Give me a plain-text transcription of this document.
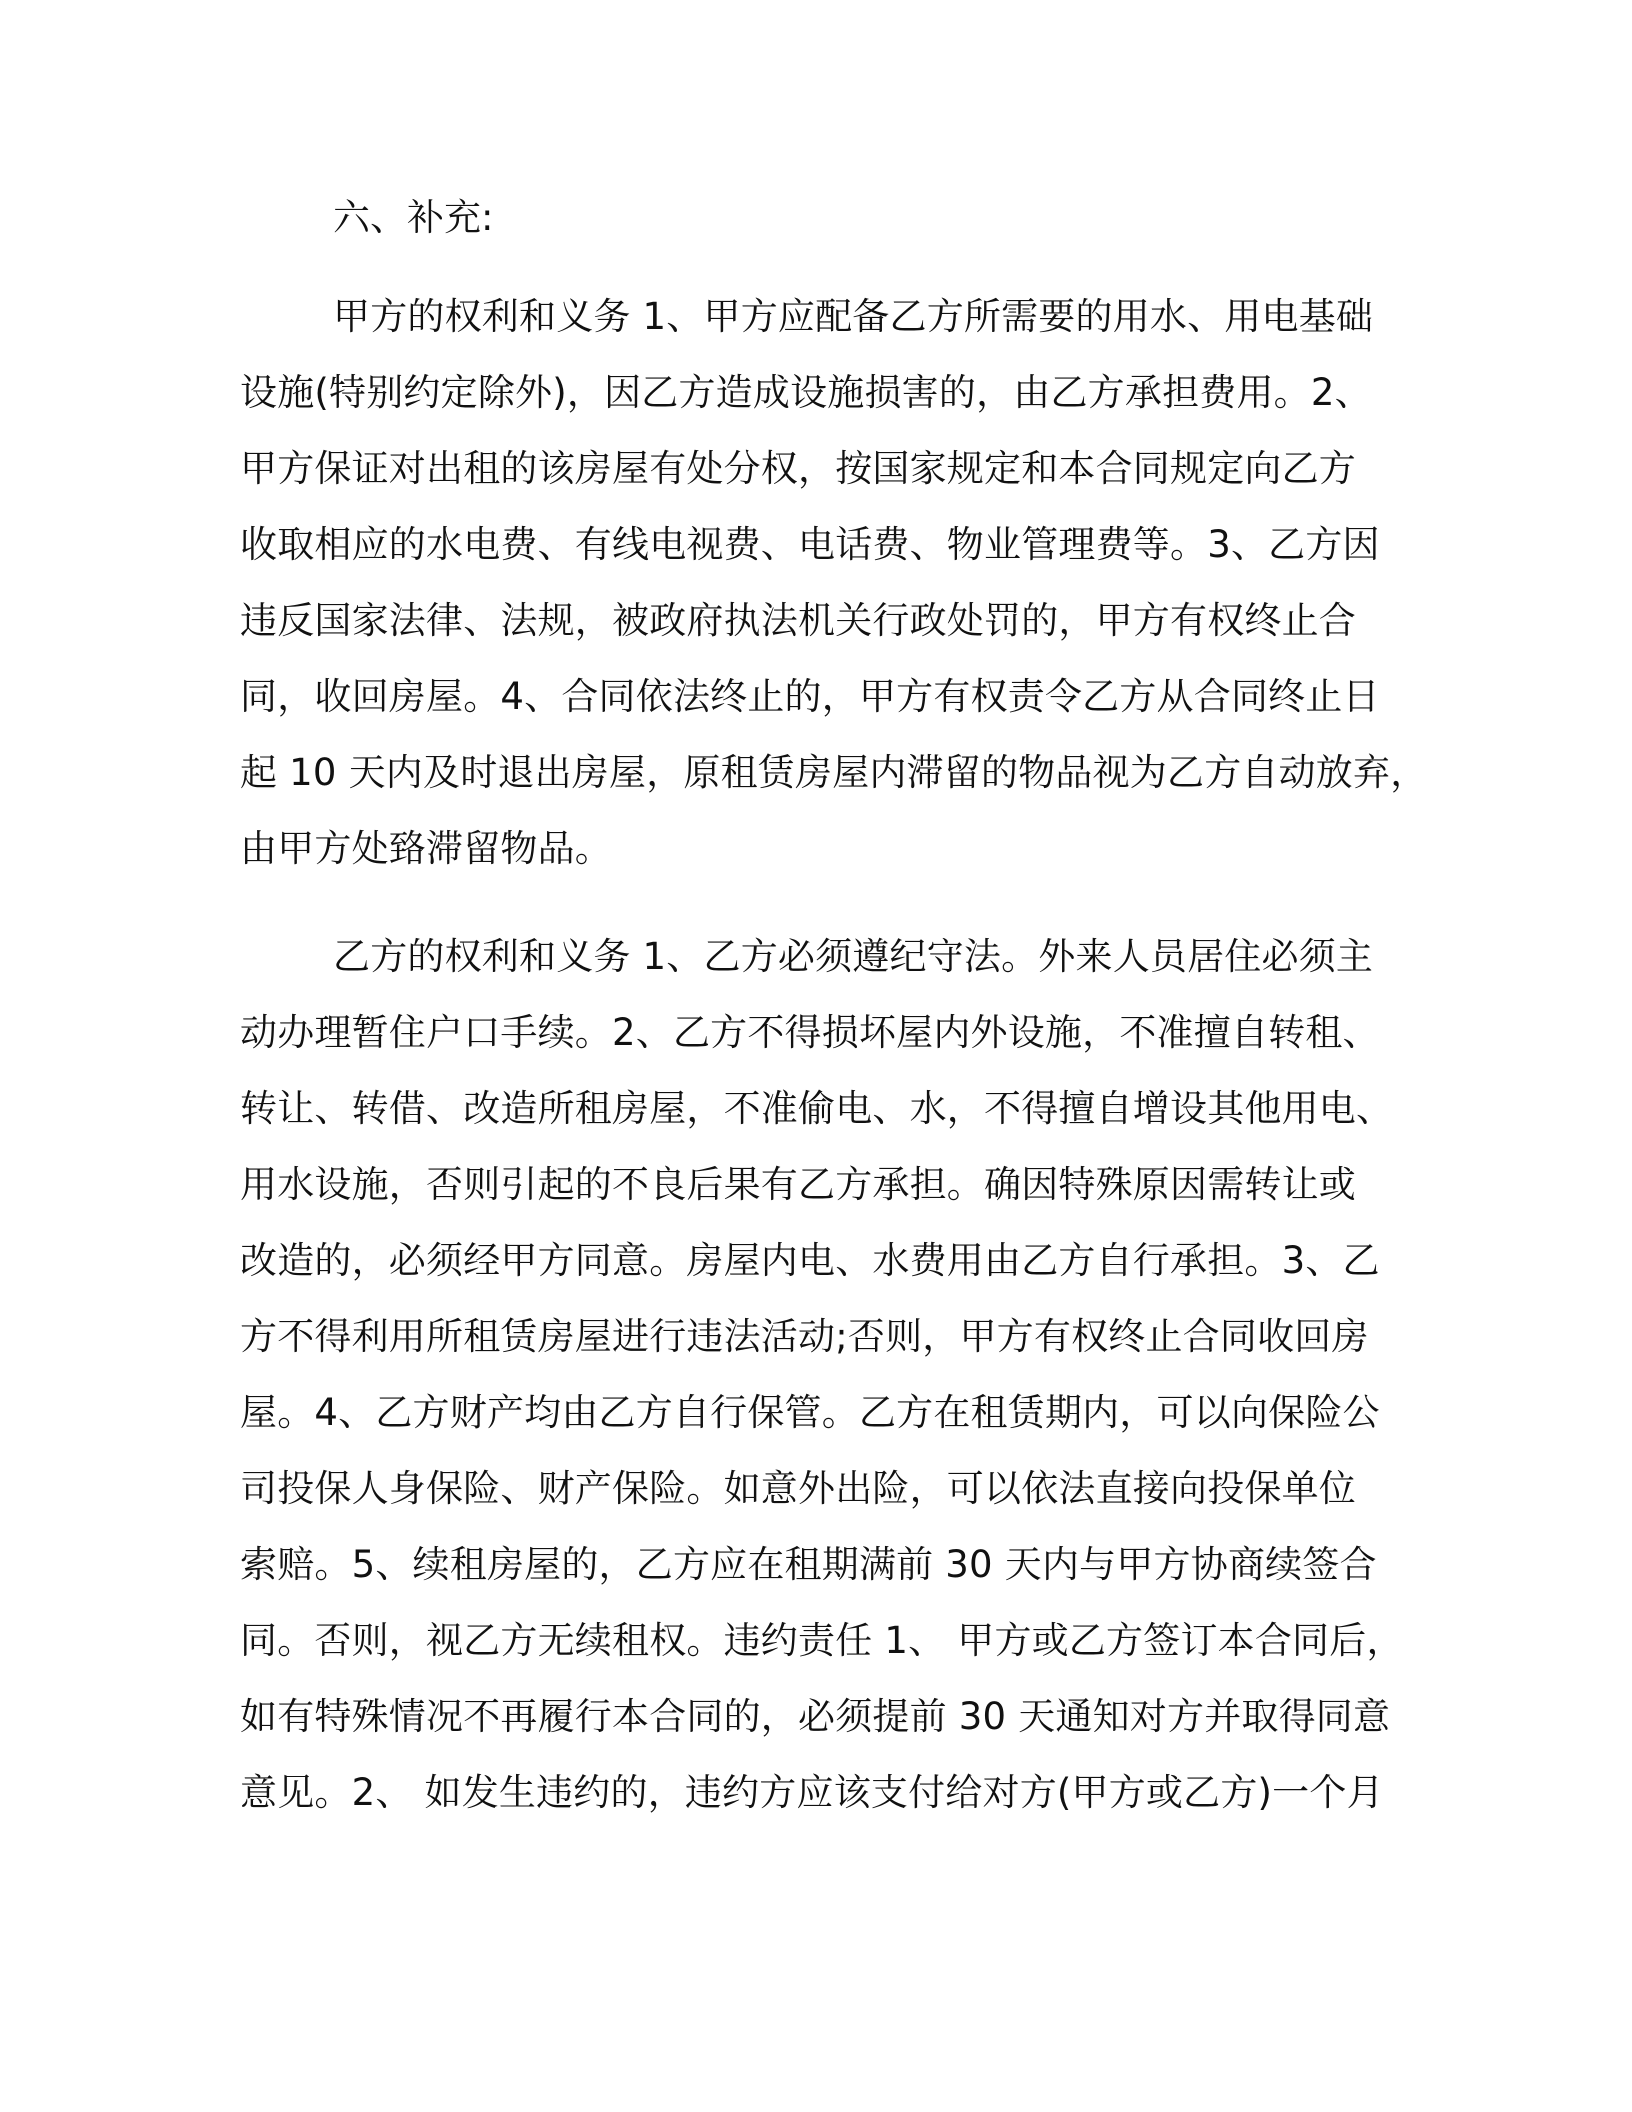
六、补充:
甲方的权利和义务 1、甲方应配备乙方所需要的用水、用电基础
设施(特别约定除外)，因乙方造成设施损害的，由乙方承担费用。2、
甲方保证对出租的该房屋有处分权，按国家规定和本合同规定向乙方
收取相应的水电费、有线电视费、电话费、物业管理费等。3、乙方因
违反国家法律、法规，被政府执法机关行政处罚的，甲方有权终止合
同，收回房屋。4、合同依法终止的，甲方有权责令乙方从合同终止日
起 10 天内及时退出房屋，原租赁房屋内滞留的物品视为乙方自动放弃，
由甲方处臵滞留物品。
乙方的权利和义务 1、乙方必须遵纪守法。外来人员居住必须主
动办理暂住户口手续。2、乙方不得损坏屋内外设施，不准擅自转租、
转让、转借、改造所租房屋，不准偷电、水，不得擅自增设其他用电、
用水设施，否则引起的不良后果有乙方承担。确因特殊原因需转让或
改造的，必须经甲方同意。房屋内电、水费用由乙方自行承担。3、乙
方不得利用所租赁房屋进行违法活动;否则，甲方有权终止合同收回房
屋。4、乙方财产均由乙方自行保管。乙方在租赁期内，可以向保险公
司投保人身保险、财产保险。如意外出险，可以依法直接向投保单位
索赔。5、续租房屋的，乙方应在租期满前 30 天内与甲方协商续签合
同。否则，视乙方无续租权。违约责任 1、 甲方或乙方签订本合同后，
如有特殊情况不再履行本合同的，必须提前 30 天通知对方并取得同意
意见。2、 如发生违约的，违约方应该支付给对方(甲方或乙方)一个月
